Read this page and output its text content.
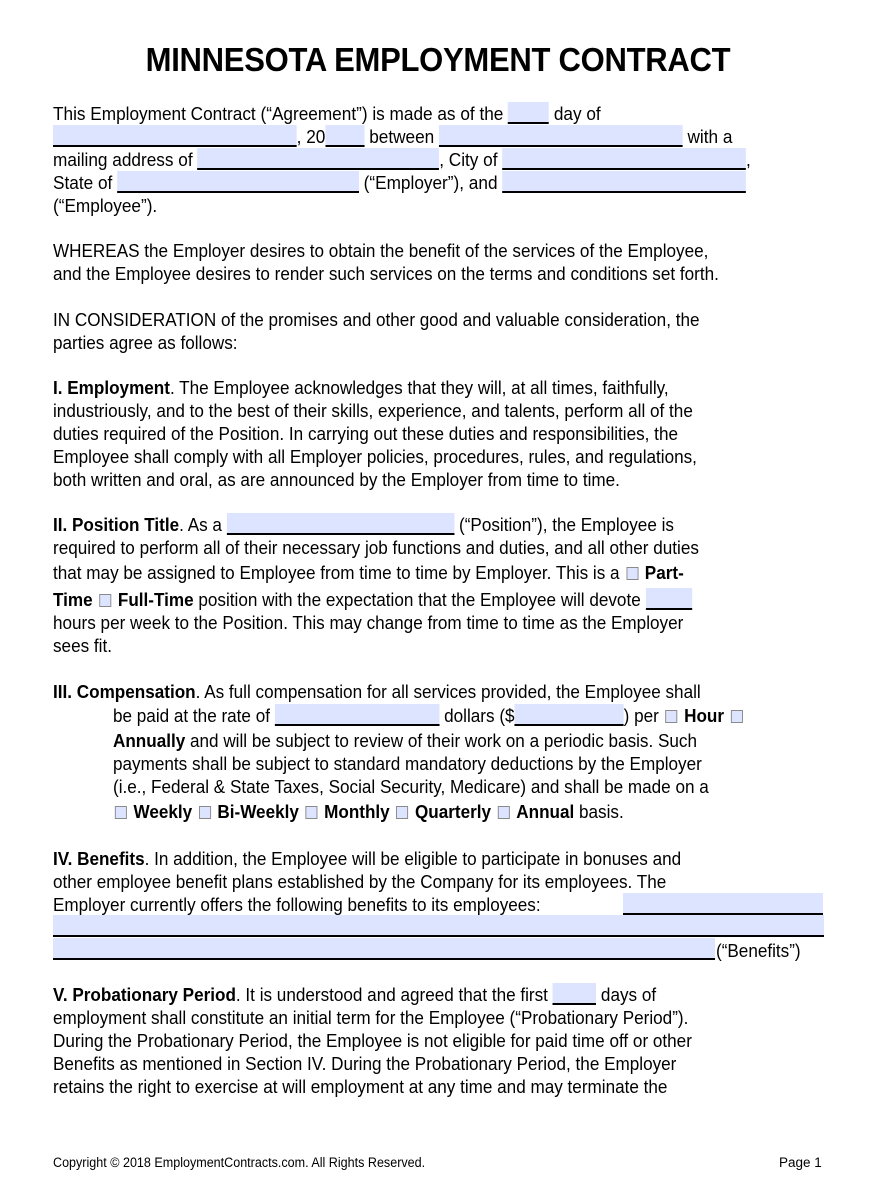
MINNESOTA EMPLOYMENT CONTRACT
This Employment Contract (“Agreement”) is made as of the  day of
, 20 between	with a
mailing address of	, City of	,
State of	(“Employer”), and
(“Employee”).
WHEREAS the Employer desires to obtain the benefit of the services of the Employee,
and the Employee desires to render such services on the terms and conditions set forth.
IN CONSIDERATION of the promises and other good and valuable consideration, the
parties agree as follows:
I. Employment. The Employee acknowledges that they will, at all times, faithfully,
industriously, and to the best of their skills, experience, and talents, perform all of the
duties required of the Position. In carrying out these duties and responsibilities, the
Employee shall comply with all Employer policies, procedures, rules, and regulations,
both written and oral, as are announced by the Employer from time to time.
II. Position Title. As a	(“Position”), the Employee is
required to perform all of their necessary job functions and duties, and all other duties
that may be assigned to Employee from time to time by Employer. This is a  Part-
Time Full-Time position with the expectation that the Employee will devote
hours per week to the Position. This may change from time to time as the Employer
sees fit.
III. Compensation. As full compensation for all services provided, the Employee shall
be paid at the rate of	dollars ($	) per  Hour
Annually and will be subject to review of their work on a periodic basis. Such
payments shall be subject to standard mandatory deductions by the Employer
(i.e., Federal & State Taxes, Social Security, Medicare) and shall be made on a
Weekly Bi-Weekly Monthly Quarterly Annual basis.
IV. Benefits. In addition, the Employee will be eligible to participate in bonuses and
other employee benefit plans established by the Company for its employees. The
Employer currently offers the following benefits to its employees:
(“Benefits”)
V. Probationary Period. It is understood and agreed that the first  days of
employment shall constitute an initial term for the Employee (“Probationary Period”).
During the Probationary Period, the Employee is not eligible for paid time off or other
Benefits as mentioned in Section IV. During the Probationary Period, the Employer
retains the right to exercise at will employment at any time and may terminate the
Copyright © 2018 EmploymentContracts.com. All Rights Reserved.	Page 1
